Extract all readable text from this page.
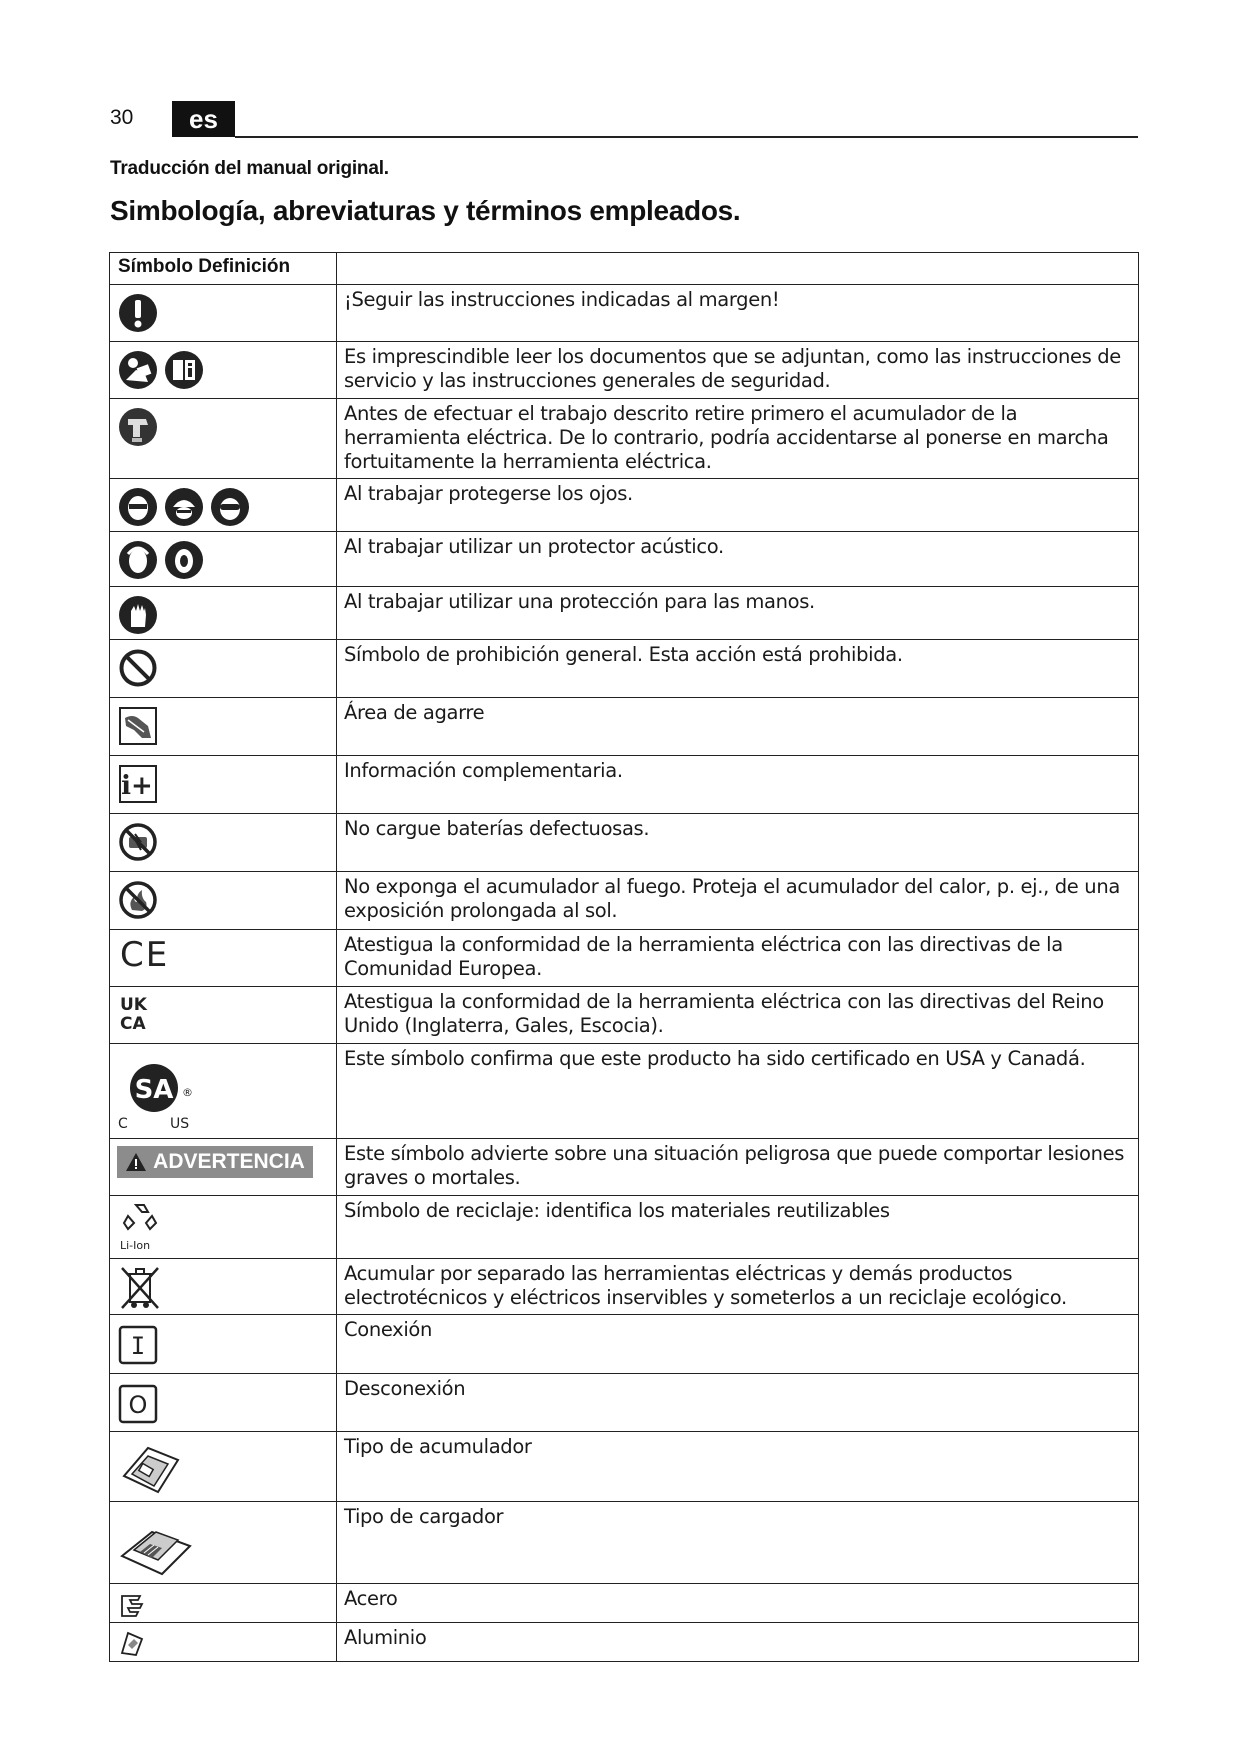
30	es
Traducción del manual original.
Simbología, abreviaturas y términos empleados.
Símbolo Definición	

	¡Seguir las instrucciones indicadas al margen!

	Es imprescindible leer los documentos que se adjuntan, como las instrucciones de servicio y las instrucciones generales de seguridad.

	Antes de efectuar el trabajo descrito retire primero el acumulador de la herramienta eléctrica. De lo contrario, podría accidentarse al ponerse en marcha fortuitamente la herramienta eléctrica.

	Al trabajar protegerse los ojos.

	Al trabajar utilizar un protector acústico.

	Al trabajar utilizar una protección para las manos.

	Símbolo de prohibición general. Esta acción está prohibida.

	Área de agarre

i+	Información complementaria.

	No cargue baterías defectuosas.

	No exponga el acumulador al fuego. Proteja el acumulador del calor, p. ej., de una exposición prolongada al sol.

CE	Atestigua la conformidad de la herramienta eléctrica con las directivas de la Comunidad Europea.

UK
CA	Atestigua la conformidad de la herramienta eléctrica con las directivas del Reino Unido (Inglaterra, Gales, Escocia).

SA ®
C US	Este símbolo confirma que este producto ha sido certificado en USA y Canadá.

ADVERTENCIA	Este símbolo advierte sobre una situación peligrosa que puede comportar lesiones graves o mortales.

Li-Ion	Símbolo de reciclaje: identifica los materiales reutilizables

	Acumular por separado las herramientas eléctricas y demás productos electrotécnicos y eléctricos inservibles y someterlos a un reciclaje ecológico.

I	Conexión

O	Desconexión

	Tipo de acumulador

	Tipo de cargador

	Acero

	Aluminio
